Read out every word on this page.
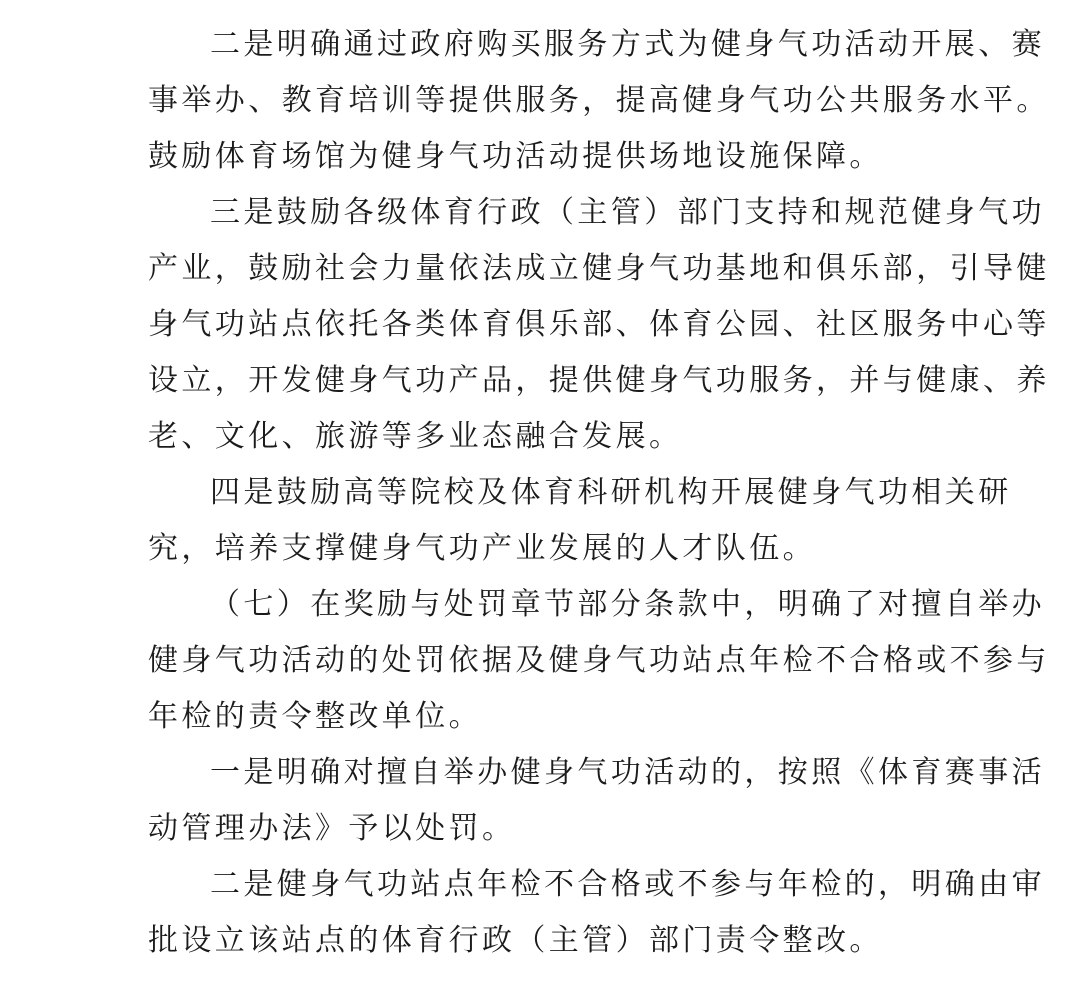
二是明确通过政府购买服务方式为健身气功活动开展、赛
事举办、教育培训等提供服务，提高健身气功公共服务水平。
鼓励体育场馆为健身气功活动提供场地设施保障。
三是鼓励各级体育行政（主管）部门支持和规范健身气功
产业，鼓励社会力量依法成立健身气功基地和俱乐部，引导健
身气功站点依托各类体育俱乐部、体育公园、社区服务中心等
设立，开发健身气功产品，提供健身气功服务，并与健康、养
老、文化、旅游等多业态融合发展。
四是鼓励高等院校及体育科研机构开展健身气功相关研
究，培养支撑健身气功产业发展的人才队伍。
（七）在奖励与处罚章节部分条款中，明确了对擅自举办
健身气功活动的处罚依据及健身气功站点年检不合格或不参与
年检的责令整改单位。
一是明确对擅自举办健身气功活动的，按照《体育赛事活
动管理办法》予以处罚。
二是健身气功站点年检不合格或不参与年检的，明确由审
批设立该站点的体育行政（主管）部门责令整改。
